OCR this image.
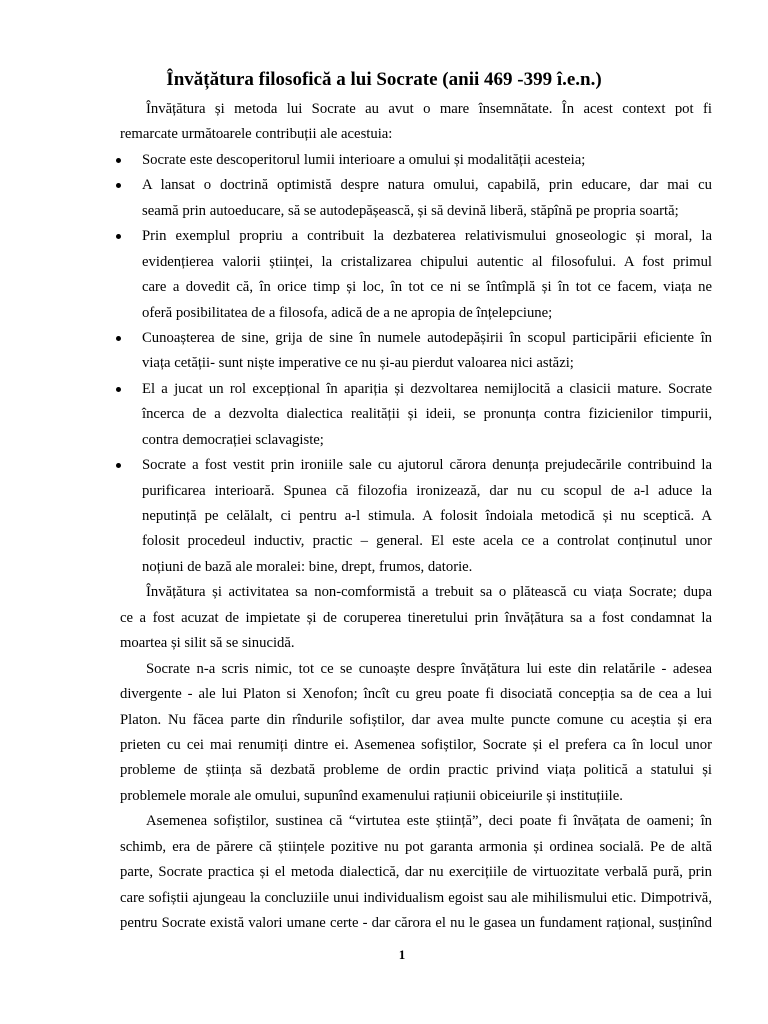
Învățătura filosofică a lui Socrate (anii 469 -399 î.e.n.)
Învățătura și metoda lui Socrate au avut o mare însemnătate. În acest context pot fi
remarcate următoarele contribuții ale acestuia:
Socrate este descoperitorul lumii interioare a omului și modalității acesteia;
A lansat o doctrină optimistă despre natura omului, capabilă, prin educare, dar mai cu
seamă prin autoeducare, să se autodepășească, și să devină liberă, stăpînă pe propria soartă;
Prin exemplul propriu a contribuit la dezbaterea relativismului gnoseologic și moral, la
evidențierea valorii științei, la cristalizarea chipului autentic al filosofului. A fost primul
care a dovedit că, în orice timp și loc, în tot ce ni se întîmplă și în tot ce facem, viața ne
oferă posibilitatea de a filosofa, adică de a ne apropia de înțelepciune;
Cunoașterea de sine, grija de sine în numele autodepășirii în scopul participării eficiente în
viața cetății- sunt niște imperative ce nu și-au pierdut valoarea nici astăzi;
El a jucat un rol excepțional în apariția și dezvoltarea nemijlocită a clasicii mature. Socrate
încerca de a dezvolta dialectica realității și ideii, se pronunța contra fizicienilor timpurii,
contra democrației sclavagiste;
Socrate a fost vestit prin ironiile sale cu ajutorul cărora denunța prejudecările contribuind la
purificarea interioară. Spunea că filozofia ironizează, dar nu cu scopul de a-l aduce la
neputință pe celălalt, ci pentru a-l stimula. A folosit îndoiala metodică și nu sceptică. A
folosit procedeul inductiv, practic – general. El este acela ce a controlat conținutul unor
noțiuni de bază ale moralei: bine, drept, frumos, datorie.
Învățătura și activitatea sa non-comformistă a trebuit sa o plătească cu viața Socrate; dupa
ce a fost acuzat de impietate și de coruperea tineretului prin învățătura sa a fost condamnat la
moartea și silit să se sinucidă.
Socrate n-a scris nimic, tot ce se cunoaște despre învățătura lui este din relatările - adesea
divergente - ale lui Platon si Xenofon; încît cu greu poate fi disociată concepția sa de cea a lui
Platon. Nu făcea parte din rîndurile sofiștilor, dar avea multe puncte comune cu aceștia și era
prieten cu cei mai renumiți dintre ei. Asemenea sofiștilor, Socrate și el prefera ca în locul unor
probleme de știința să dezbată probleme de ordin practic privind viața politică a statului și
problemele morale ale omului, supunînd examenului rațiunii obiceiurile și instituțiile.
Asemenea sofiștilor, sustinea că “virtutea este știință”, deci poate fi învățata de oameni; în
schimb, era de părere că științele pozitive nu pot garanta armonia și ordinea socială. Pe de altă
parte, Socrate practica și el metoda dialectică, dar nu exercițiile de virtuozitate verbală pură, prin
care sofiștii ajungeau la concluziile unui individualism egoist sau ale mihilismului etic. Dimpotrivă,
pentru Socrate există valori umane certe - dar cărora el nu le gasea un fundament rațional, susținînd
1
